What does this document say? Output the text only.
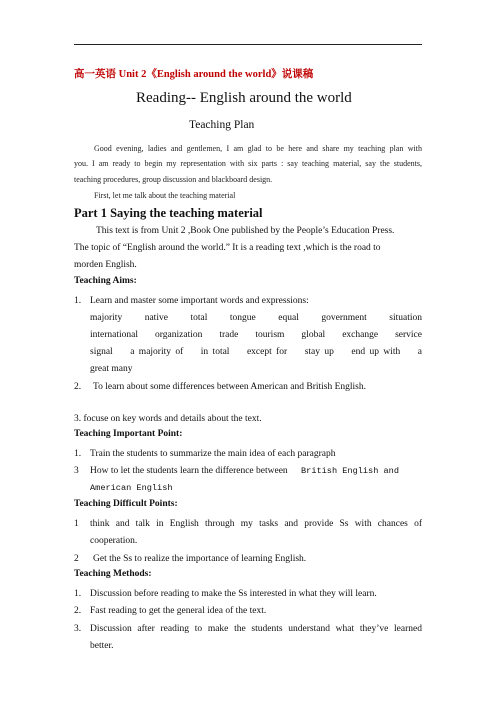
高一英语 Unit 2《English around the world》说课稿
Reading-- English around the world
Teaching Plan
Good evening, ladies and gentlemen, I am glad to be here and share my teaching plan with
you. I am ready to begin my representation with six parts : say teaching material, say the students,
teaching procedures, group discussion and blackboard design.
First, let me talk about the teaching material
Part 1 Saying the teaching material
This text is from Unit 2 ,Book One published by the People’s Education Press.
The topic of “English around the world.” It is a reading text ,which is the road to
morden English.
Teaching Aims:
1. Learn and master some important words and expressions:
majority    native    total    tongue    equal    government    situation
international    organization    trade    tourism    global    exchange    service
signal    a majority of    in total    except for    stay up    end up with    a
great many
2. To learn about some differences between American and British English.
3. focuse on key words and details about the text.
Teaching Important Point:
1. Train the students to summarize the main idea of each paragraph
3 How to let the students learn the difference between British English and
American English
Teaching Difficult Points:
1 think and talk in English through my tasks and provide Ss with chances of
cooperation.
2 Get the Ss to realize the importance of learning English.
Teaching Methods:
1. Discussion before reading to make the Ss interested in what they will learn.
2. Fast reading to get the general idea of the text.
3. Discussion after reading to make the students understand what they’ve learned
better.
